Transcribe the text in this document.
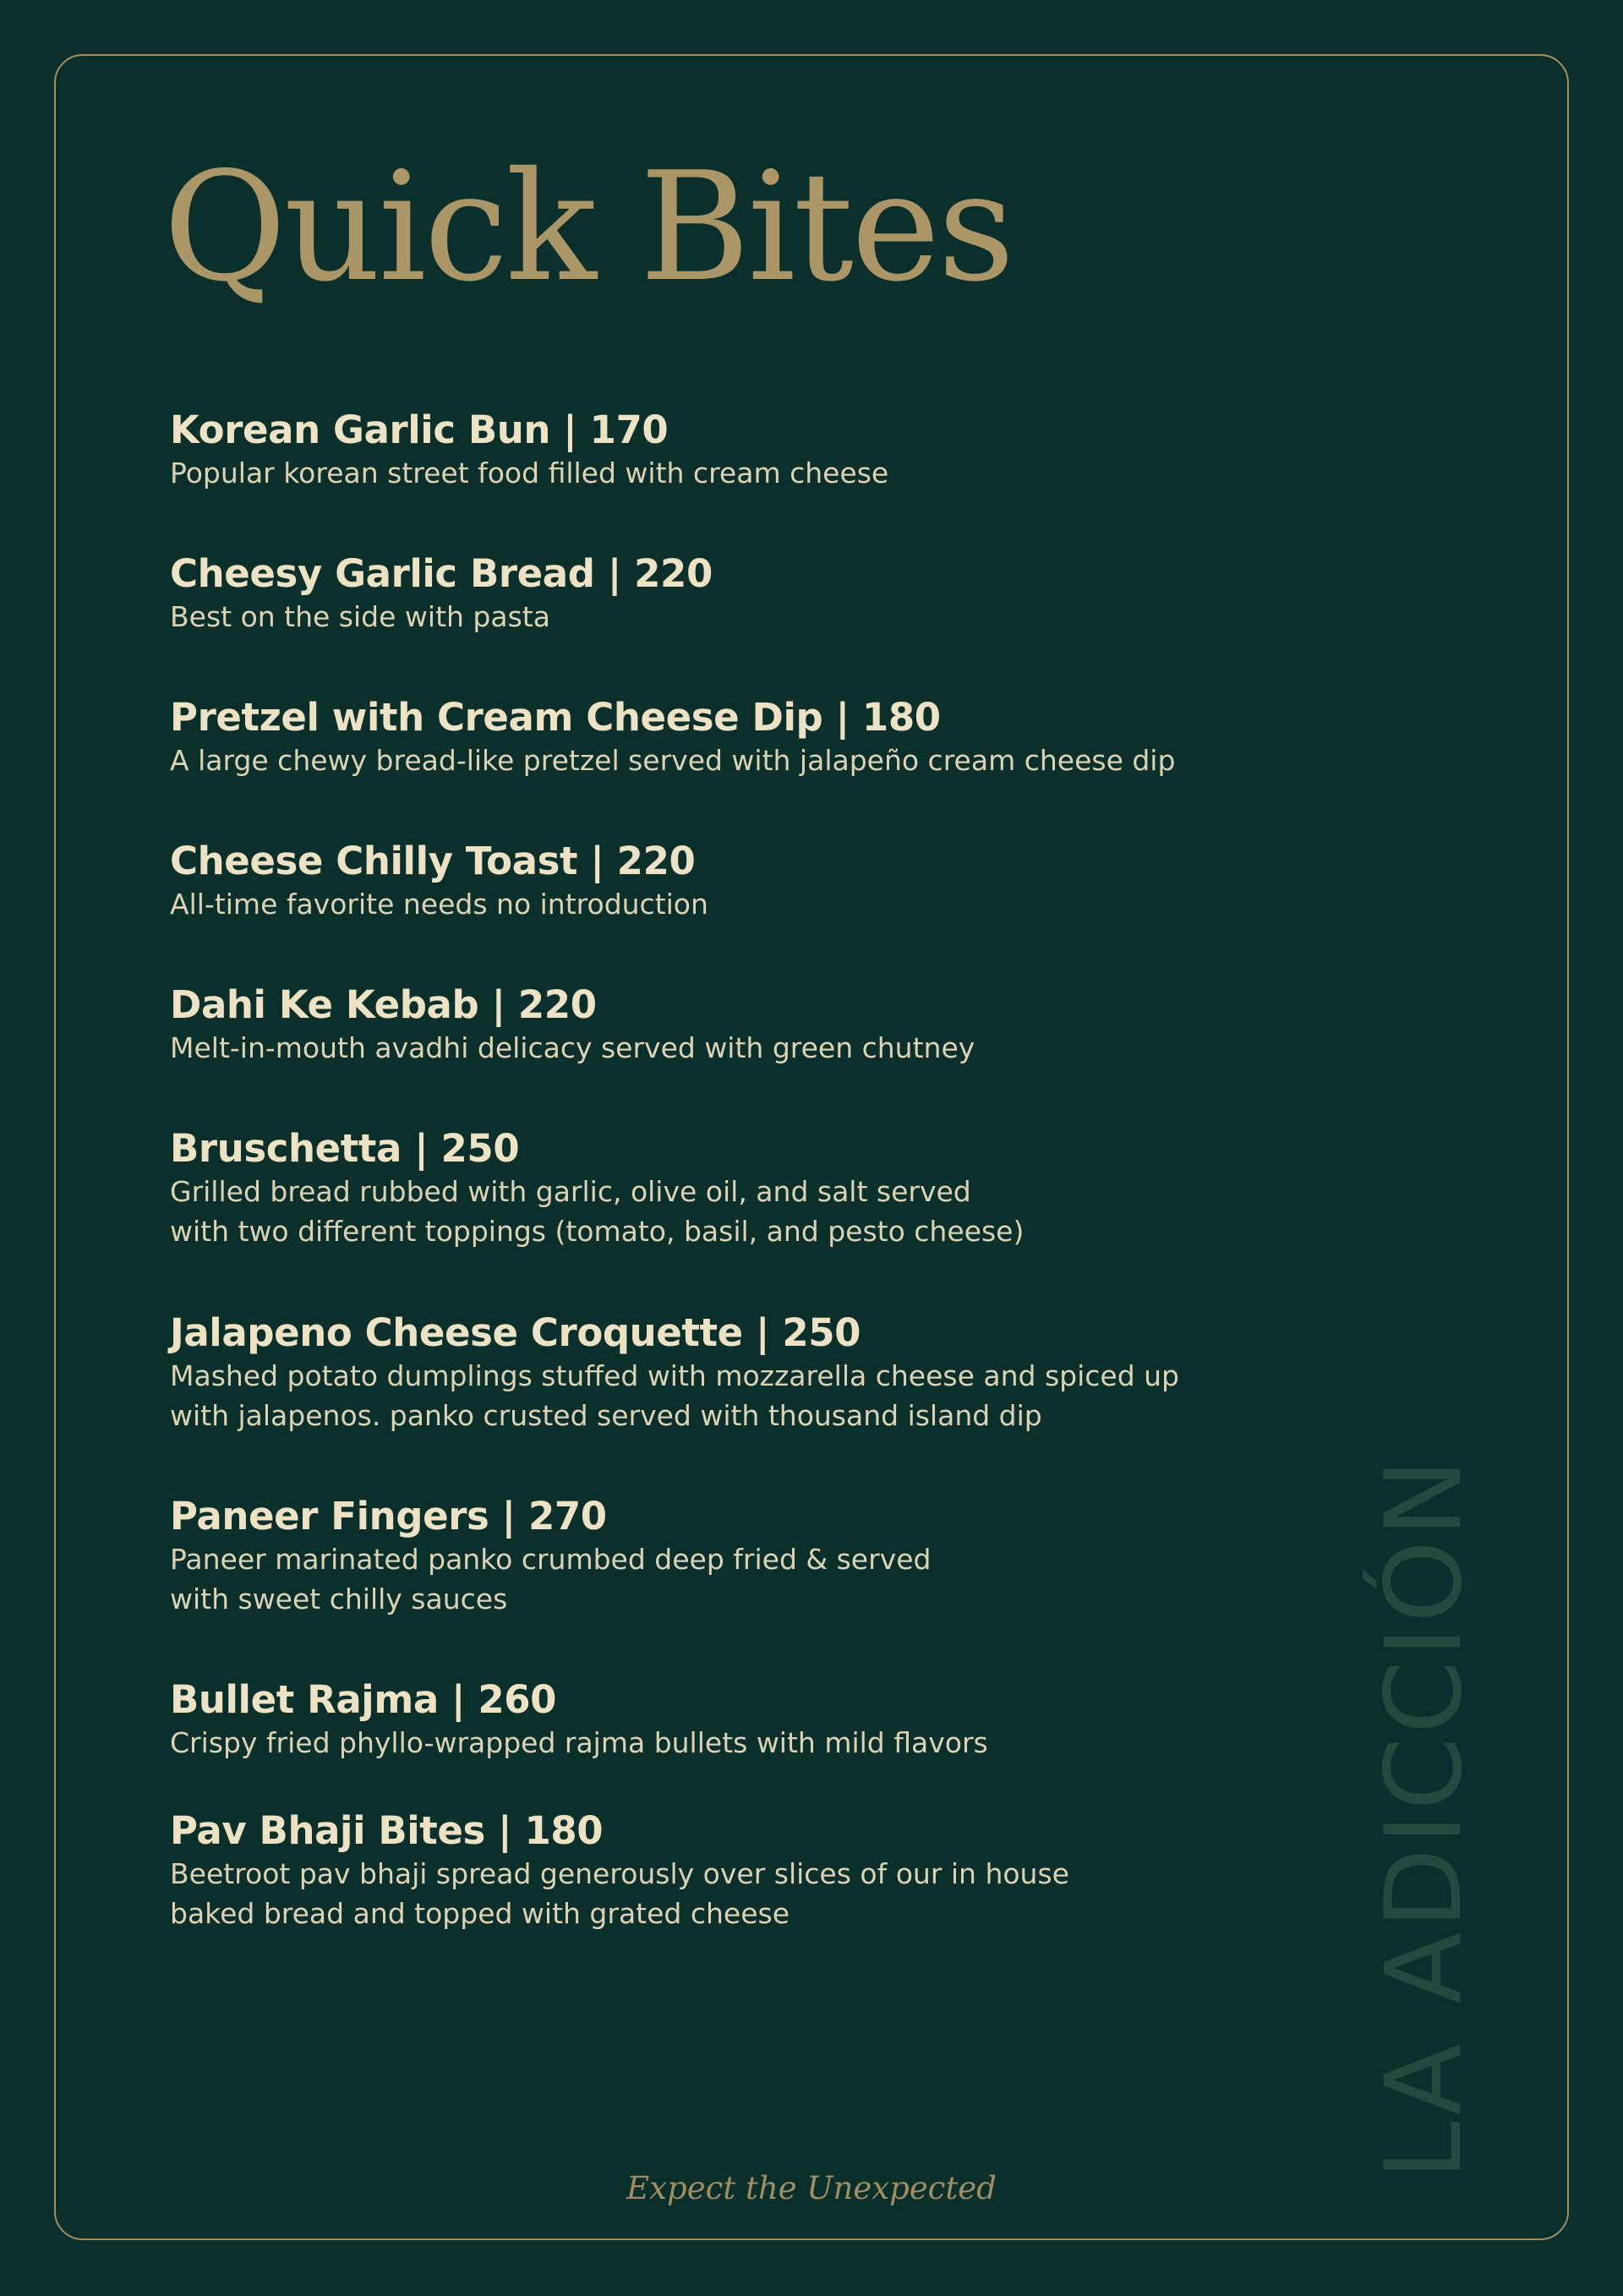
Quick Bites
Korean Garlic Bun | 170
Popular korean street food filled with cream cheese
Cheesy Garlic Bread | 220
Best on the side with pasta
Pretzel with Cream Cheese Dip | 180
A large chewy bread-like pretzel served with jalapeño cream cheese dip
Cheese Chilly Toast | 220
All-time favorite needs no introduction
Dahi Ke Kebab | 220
Melt-in-mouth avadhi delicacy served with green chutney
Bruschetta | 250
Grilled bread rubbed with garlic, olive oil, and salt served
with two different toppings (tomato, basil, and pesto cheese)
Jalapeno Cheese Croquette | 250
Mashed potato dumplings stuffed with mozzarella cheese and spiced up
with jalapenos. panko crusted served with thousand island dip
Paneer Fingers | 270
Paneer marinated panko crumbed deep fried & served
with sweet chilly sauces
Bullet Rajma | 260
Crispy fried phyllo-wrapped rajma bullets with mild flavors
Pav Bhaji Bites | 180
Beetroot pav bhaji spread generously over slices of our in house
baked bread and topped with grated cheese	LA ADICCIÓN
Expect the Unexpected
